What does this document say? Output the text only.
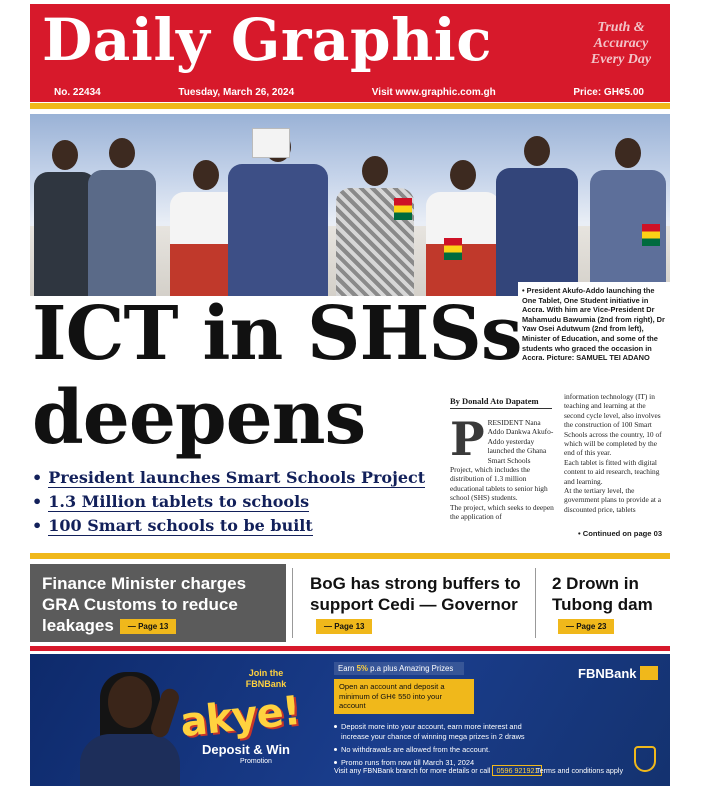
Daily Graphic	Truth & Accuracy Every Day
No. 22434	Tuesday, March 26, 2024	Visit www.graphic.com.gh	Price: GH¢5.00
• President Akufo-Addo launching the One Tablet, One Student initiative in Accra. With him are Vice-President Dr Mahamudu Bawumia (2nd from right), Dr Yaw Osei Adutwum (2nd from left), Minister of Education, and some of the students who graced the occasion in Accra. Picture: SAMUEL TEI ADANO
ICT in SHSs
deepens
• President launches Smart Schools Project
• 1.3 Million tablets to schools
• 100 Smart schools to be built
By Donald Ato Dapatem
PRESIDENT Nana Addo Dankwa Akufo-Addo yesterday launched the Ghana Smart Schools Project, which includes the distribution of 1.3 million educational tablets to senior high school (SHS) students.
The project, which seeks to deepen the application of
information technology (IT) in teaching and learning at the second cycle level, also involves the construction of 100 Smart Schools across the country, 10 of which will be completed by the end of this year.
Each tablet is fitted with digital content to aid research, teaching and learning.
At the tertiary level, the government plans to provide at a discounted price, tablets
• Continued on page 03
Finance Minister charges GRA Customs to reduce leakages — Page 13
BoG has strong buffers to support Cedi — Governor— Page 13
2 Drown in Tubong dam— Page 23
Join the FBNBank
akye!
Deposit & Win
Promotion
Earn 5% p.a plus Amazing Prizes
Open an account and deposit a minimum of GH¢ 550 into your account
Deposit more into your account, earn more interest and increase your chance of winning mega prizes in 2 draws
No withdrawals are allowed from the account.
Promo runs from now till March 31, 2024
Visit any FBNBank branch for more details or call 0596 921921
Terms and conditions apply
FBNBank
